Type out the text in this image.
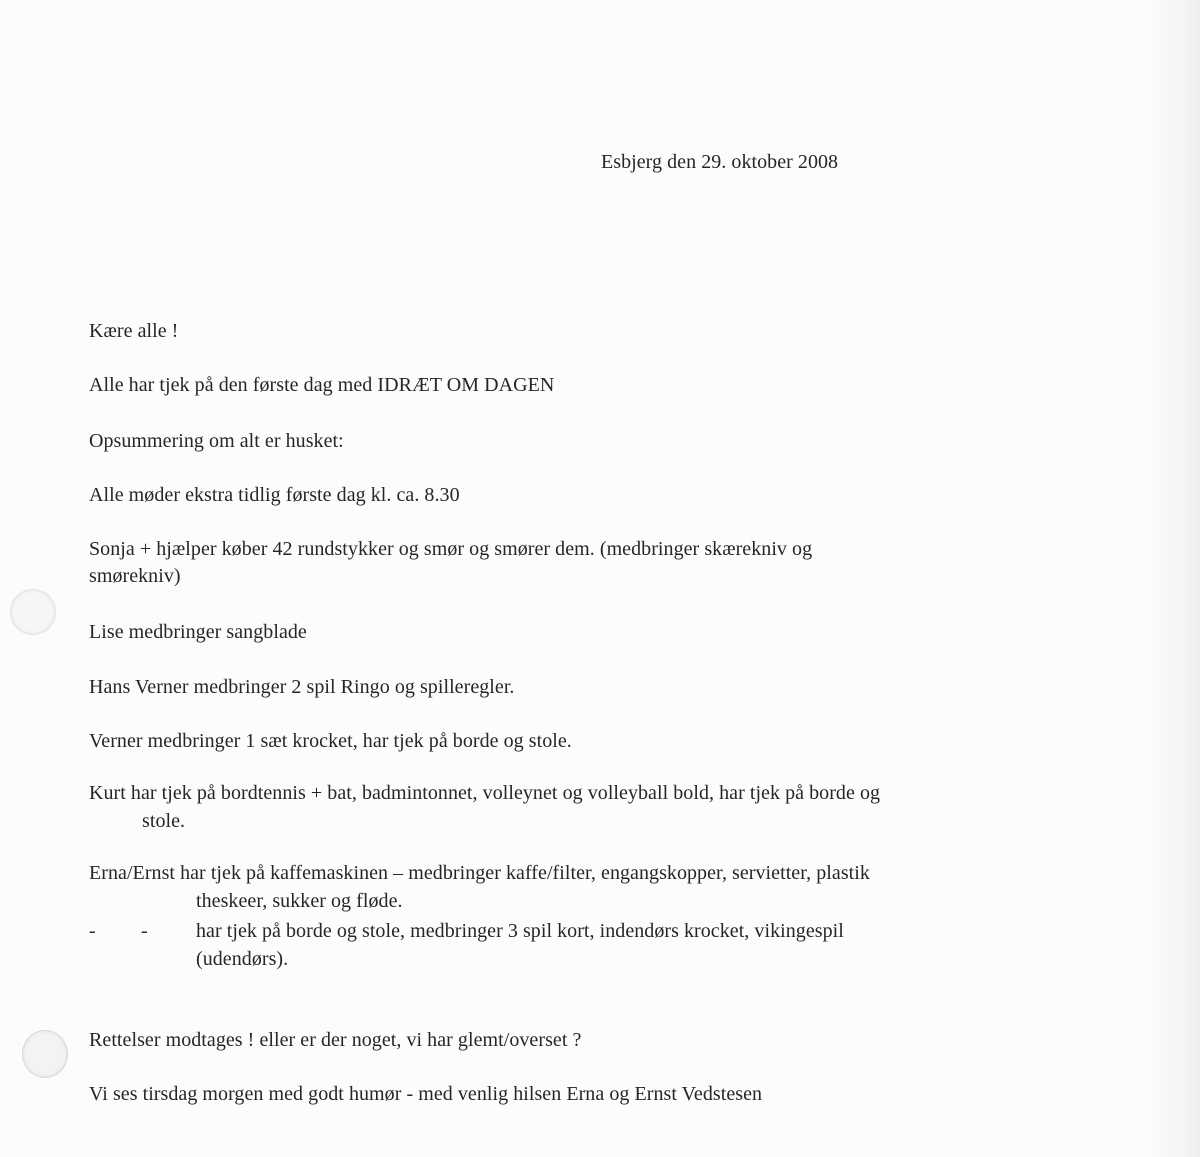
Esbjerg den 29. oktober 2008

Kære alle !

Alle har tjek på den første dag med IDRÆT OM DAGEN

Opsummering om alt er husket:

Alle møder ekstra tidlig første dag kl. ca. 8.30

Sonja + hjælper køber 42 rundstykker og smør og smører dem. (medbringer skærekniv og

smørekniv)

Lise medbringer sangblade

Hans Verner medbringer 2 spil Ringo og spilleregler.

Verner medbringer 1 sæt krocket, har tjek på borde og stole.

Kurt har tjek på bordtennis + bat, badmintonnet, volleynet og volleyball bold, har tjek på borde og

stole.

Erna/Ernst har tjek på kaffemaskinen – medbringer kaffe/filter, engangskopper, servietter, plastik

theskeer, sukker og fløde.

- - har tjek på borde og stole, medbringer 3 spil kort, indendørs krocket, vikingespil

(udendørs).

Rettelser modtages ! eller er der noget, vi har glemt/overset ?

Vi ses tirsdag morgen med godt humør - med venlig hilsen Erna og Ernst Vedstesen
